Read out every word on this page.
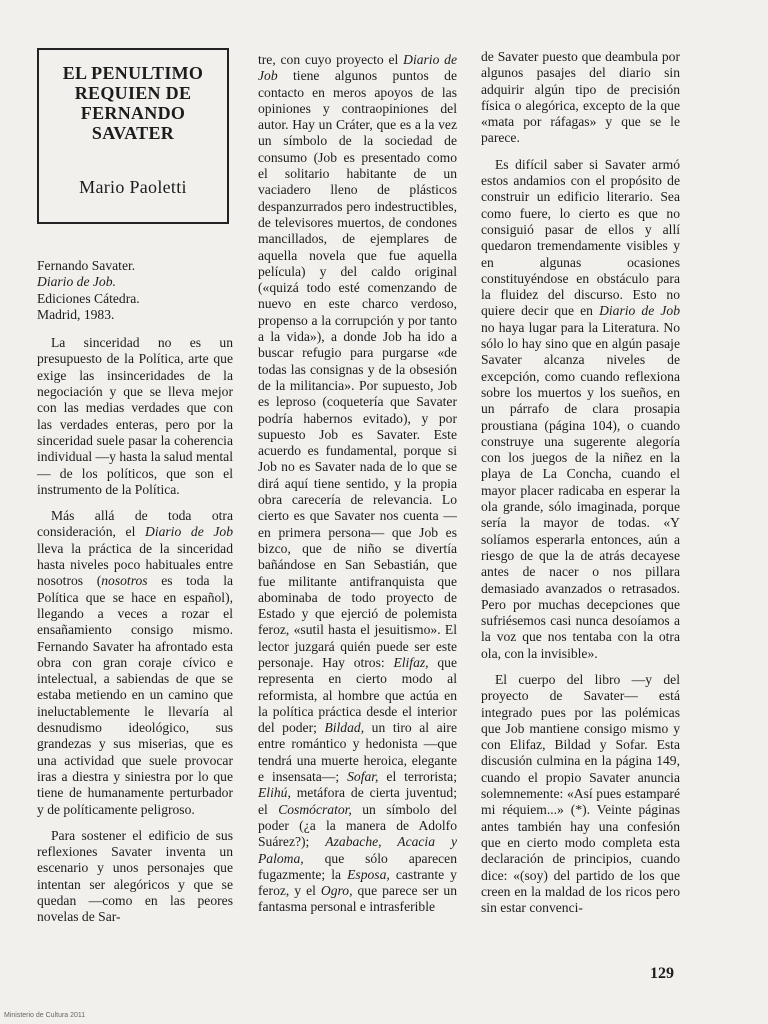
EL PENULTIMO
REQUIEN DE
FERNANDO
SAVATER
Mario Paoletti
Fernando Savater.
Diario de Job.
Ediciones Cátedra.
Madrid, 1983.

La sinceridad no es un presupuesto de la Política, arte que exige las insinceridades de la negociación y que se lleva mejor con las medias verdades que con las verdades enteras, pero por la sinceridad suele pasar la coherencia individual —y hasta la salud mental— de los políticos, que son el instrumento de la Política.

Más allá de toda otra consideración, el Diario de Job lleva la práctica de la sinceridad hasta niveles poco habituales entre nosotros (nosotros es toda la Política que se hace en español), llegando a veces a rozar el ensañamiento consigo mismo. Fernando Savater ha afrontado esta obra con gran coraje cívico e intelectual, a sabiendas de que se estaba metiendo en un camino que ineluctablemente le llevaría al desnudismo ideológico, sus grandezas y sus miserias, que es una actividad que suele provocar iras a diestra y siniestra por lo que tiene de humanamente perturbador y de políticamente peligroso.

Para sostener el edificio de sus reflexiones Savater inventa un escenario y unos personajes que intentan ser alegóricos y que se quedan —como en las peores novelas de Sar-

tre, con cuyo proyecto el Diario de Job tiene algunos puntos de contacto en meros apoyos de las opiniones y contraopiniones del autor. Hay un Cráter, que es a la vez un símbolo de la sociedad de consumo (Job es presentado como el solitario habitante de un vaciadero lleno de plásticos despanzurrados pero indestructibles, de televisores muertos, de condones mancillados, de ejemplares de aquella novela que fue aquella película) y del caldo original («quizá todo esté comenzando de nuevo en este charco verdoso, propenso a la corrupción y por tanto a la vida»), a donde Job ha ido a buscar refugio para purgarse «de todas las consignas y de la obsesión de la militancia». Por supuesto, Job es leproso (coquetería que Savater podría habernos evitado), y por supuesto Job es Savater. Este acuerdo es fundamental, porque si Job no es Savater nada de lo que se dirá aquí tiene sentido, y la propia obra carecería de relevancia. Lo cierto es que Savater nos cuenta —en primera persona— que Job es bizco, que de niño se divertía bañándose en San Sebastián, que fue militante antifranquista que abominaba de todo proyecto de Estado y que ejerció de polemista feroz, «sutil hasta el jesuitismo». El lector juzgará quién puede ser este personaje. Hay otros: Elifaz, que representa en cierto modo al reformista, al hombre que actúa en la política práctica desde el interior del poder; Bildad, un tiro al aire entre romántico y hedonista —que tendrá una muerte heroica, elegante e insensata—; Sofar, el terrorista; Elihú, metáfora de cierta juventud; el Cosmócrator, un símbolo del poder (¿a la manera de Adolfo Suárez?); Azabache, Acacia y Paloma, que sólo aparecen fugazmente; la Esposa, castrante y feroz, y el Ogro, que parece ser un fantasma personal e intrasferible

de Savater puesto que deambula por algunos pasajes del diario sin adquirir algún tipo de precisión física o alegórica, excepto de la que «mata por ráfagas» y que se le parece.

Es difícil saber si Savater armó estos andamios con el propósito de construir un edificio literario. Sea como fuere, lo cierto es que no consiguió pasar de ellos y allí quedaron tremendamente visibles y en algunas ocasiones constituyéndose en obstáculo para la fluidez del discurso. Esto no quiere decir que en Diario de Job no haya lugar para la Literatura. No sólo lo hay sino que en algún pasaje Savater alcanza niveles de excepción, como cuando reflexiona sobre los muertos y los sueños, en un párrafo de clara prosapia proustiana (página 104), o cuando construye una sugerente alegoría con los juegos de la niñez en la playa de La Concha, cuando el mayor placer radicaba en esperar la ola grande, sólo imaginada, porque sería la mayor de todas. «Y solíamos esperarla entonces, aún a riesgo de que la de atrás decayese antes de nacer o nos pillara demasiado avanzados o retrasados. Pero por muchas decepciones que sufriésemos casi nunca desoíamos a la voz que nos tentaba con la otra ola, con la invisible».

El cuerpo del libro —y del proyecto de Savater— está integrado pues por las polémicas que Job mantiene consigo mismo y con Elifaz, Bildad y Sofar. Esta discusión culmina en la página 149, cuando el propio Savater anuncia solemnemente: «Así pues estamparé mi réquiem...» (*). Veinte páginas antes también hay una confesión que en cierto modo completa esta declaración de principios, cuando dice: «(soy) del partido de los que creen en la maldad de los ricos pero sin estar convenci-

129
Ministerio de Cultura 2011
